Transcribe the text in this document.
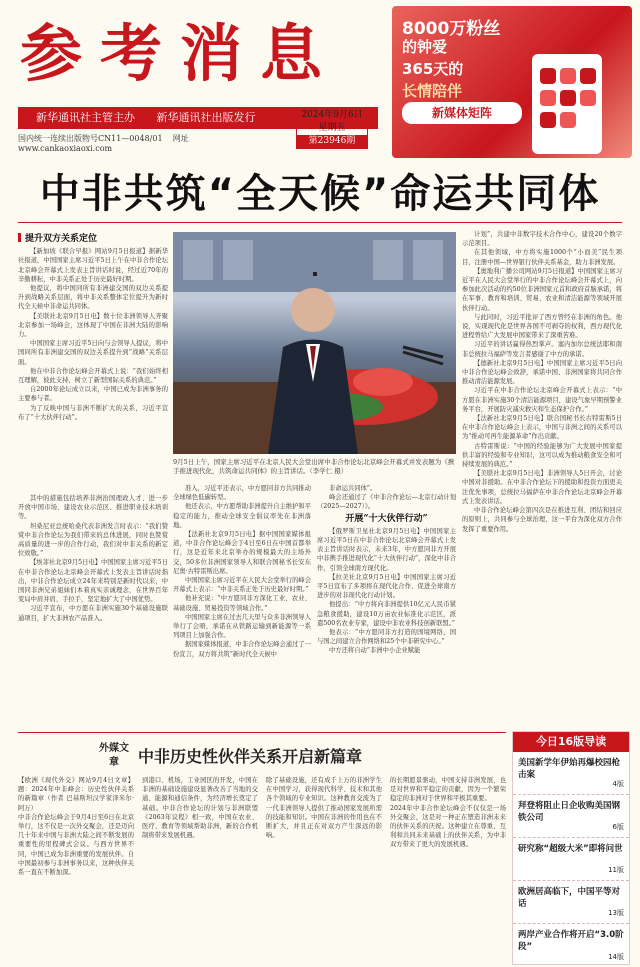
参考消息
新华通讯社主管主办 新华通讯社出版发行
国内统一连续出版物号CN11—0048/01 网址 www.cankaoxiaoxi.com
2024年9月6日
星期五
第23946期
8000万粉丝
的钟爱
365天的
长情陪伴
新媒体矩阵
中非共筑“全天候”命运共同体
提升双方关系定位

【新加坡《联合早报》网站9月5日报道】据新华社报道，中国国家主席习近平5日上午在中非合作论坛北京峰会开幕式上发表主旨讲话时说，经过近70年的辛勤耕耘，中非关系正处于历史最好时期。

他提议，将中国同所有非洲建交国的双边关系提升到战略关系层面，将中非关系整体定位提升为新时代全天候中非命运共同体。

【美联社北京9月5日电】数十位非洲领导人齐聚北京参加一场峰会，这体现了中国在非洲大陆的影响力。

中国国家主席习近平5日向与会领导人提议，将中国同所有非洲建交国的双边关系提升到“战略”关系层面。

他在中非合作论坛峰会开幕式上说：“我们始终相互理解，彼此支持，树立了新型国际关系的典范。”

自2000年论坛成立以来，中国已成为非洲事务的主要参与者。

为了反映中国与非洲不断扩大的关系，习近平宣布了“十大伙伴行动”。

其中的措施包括培养非洲治国理政人才、进一步开放中国市场、建设农业示范区、推进职业技术培训等。

坦桑尼亚总统哈桑代表非洲发言时表示：“我们赞赏中非合作论坛为我们带来的总体进展，同时也赞赏高质量的进一步的合作行动，我们对中非关系的新定位致敬。”

【埃菲社北京9月5日电】中国国家主席习近平5日在中非合作论坛北京峰会开幕式上发表主旨讲话时指出，中非合作论坛成立24年来特别是新时代以来，中国同非洲兄弟姐妹们本着真实亲诚理念，在世界百年变局中肩并肩、手拉手，坚定地扩大了中国优势。

习近平宣布，中方愿在非洲实施30个基础设施联通项目，扩大非洲农产品准入。

9月5日上午，国家主席习近平在北京人民大会堂出席中非合作论坛北京峰会开幕式并发表题为《携手推进现代化，共筑命运共同体》的主旨讲话。（李学仁 摄）

准入，习近平还表示，中方愿同非方共同推动全球绿色低碳转型。

他还表示，中方愿帮助非洲提升自主维护和平稳定的能力，推动全球安全倡议率先在非洲落地。

【法新社北京9月5日电】据中国国家媒体报道，中非合作论坛峰会于4日至6日在中国首都举行，这是近年来北京举办的规模最大的主场外交，50多位非洲国家领导人和联合国秘书长安东尼奥·古特雷斯出席。

中国国家主席习近平在人民大会堂举行的峰会开幕式上表示：“中非关系正处于历史最好时期。”

他补充说：“中方愿同非方深化工业、农业、基础设施、贸易投资等领域合作。”

中国国家主席在过去几天里与众多非洲领导人举行了会晤，承诺在从铁路运输到新能源等一系列项目上加强合作。

据国家媒体报道，中非合作论坛峰会通过了一份宣言，双方将共筑“新时代全天候中

非命运共同体”。

峰会还通过了《中非合作论坛—北京行动计划（2025—2027）》。

开展“十大伙伴行动”

【俄罗斯卫星社北京9月5日电】中国国家主席习近平5日在中非合作论坛北京峰会开幕式上发表主旨讲话时表示，未来3年，中方愿同非方开展中非携手推进现代化“十大伙伴行动”，深化中非合作，引领全球南方现代化。

【拉美社北京9月5日电】中国国家主席习近平5日宣布了多项将在现代化合作、促进全球南方进步的对非现代化行动计划。

他提出：“中方将向非洲提供10亿元人民币紧急粮食援助，建设10万亩农业标准化示范区，派遣500名农业专家，建设中非农业科技创新联盟。”

他表示：“中方愿同非方打造的国境网络，国与国之间建立合作网络和25个中非研究中心。”

中方还将自动“非洲中小企业赋能

计划”，共建中非数字技术合作中心，建设20个数字示范项目。

在其他领域，中方将实施1000个“小而美”民生项目，注册中国—世界银行伙伴关系基金，助力非洲发展。

【奥地利广播公司网站9月5日报道】中国国家主席习近平在人民大会堂举行的中非合作论坛峰会开幕式上，向参加此次活动的约50位非洲国家元首和政府首脑承诺，将在军事、教育和培训、贸易、农业和清洁能源等领域开展伙伴行动。

与此同时，习近平批评了西方曾经在非洲的角色。他说，实现现代化是世界各国不可剥夺的权利，西方现代化进程曾给广大发展中国家带来了深重苦难。

习近平的讲话赢得热烈掌声。塞内加尔总统法耶和南非总统拉马福萨等发言者感谢了中方的承诺。

【德新社北京9月5日电】中国国家主席习近平5日向中非合作论坛峰会致辞，承诺中国、非洲国家将共同合作推动清洁能源发展。

习近平在中非合作论坛北京峰会开幕式上表示：“中方愿在非洲实施30个清洁能源项目，建设气象早期预警业务平台，开展防灾减灾救灾和生态保护合作。”

【法新社北京9月5日电】联合国秘书长古特雷斯5日在中非合作论坛峰会上表示，中国与非洲之间的关系可以为“推动可再生能源革命”作出贡献。

古特雷斯说：“中国的经验能够为广大发展中国家提供丰富的经验和专业知识，这可以成为推动粮食安全和可持续发展的典范。”

【美联社北京9月5日电】非洲领导人5日开会，讨论中国对非援助。在中非合作论坛下的援助和投资方面更关注优先事项，总统拉马福萨在中非合作论坛北京峰会开幕式上发表讲话。

中非合作论坛峰会第四次是在推进互利、团结和回应的原则上，共同参与全球治理，这一平台为深化双方合作发挥了重要作用。

外媒文章	中非历史性伙伴关系开启新篇章
【欧洲《现代外交》网站9月4日文章】题：2024年中非峰会：历史性伙伴关系的新篇章（作者 巴基斯坦汉学家泽米尔·阿万）
中非合作论坛峰会于9月4日至6日在北京举行，这不仅是一次外交聚会，还是迈向几十年来中国与非洲大陆之间不断发展的重要性的里程碑式会议。与西方世界不同，中国已成为非洲重要的发展伙伴。自中国最初参与非洲事务以来，这种伙伴关系一直在不断加深。
到港口、机场，工业园区的开发，中国在非洲的基础设施建设显著改善了当地的交通、能源和通信条件，为经济增长奠定了基础。中非合作论坛的计划与非洲联盟《2063年议程》相一致，中国在农业、医疗、教育等领域帮助非洲，新的合作机制将带来发展机遇。
除了基础设施，还有成千上万的非洲学生在中国学习，获得现代科学、技术和其他各个领域的专业知识。这种教育交流为了一代非洲领导人提供了推动国家发展所需的技能和知识。中国在非洲的作用也在不断扩大，并且正在对双方产生深远的影响。
的长期愿景驱动，中国支持非洲发展，也是对世界和平稳定的贡献，因为一个繁荣稳定的非洲对于世界和平极其重要。
2024年中非合作论坛峰会不仅仅是一场外交聚会，这是对一种正在塑造非洲未来的伙伴关系的庆祝。这种建立在尊重、互利和共同未来基础上的伙伴关系，为中非双方带来了更大的发展机遇。
今日16版导读
美国新学年伊始再爆校园枪击案
4版
拜登将阻止日企收购美国钢铁公司
6版
研究称“超级大米”即将问世
11版
欧洲居高临下，中国平等对话
13版
两岸产业合作将开启“3.0阶段”
14版
